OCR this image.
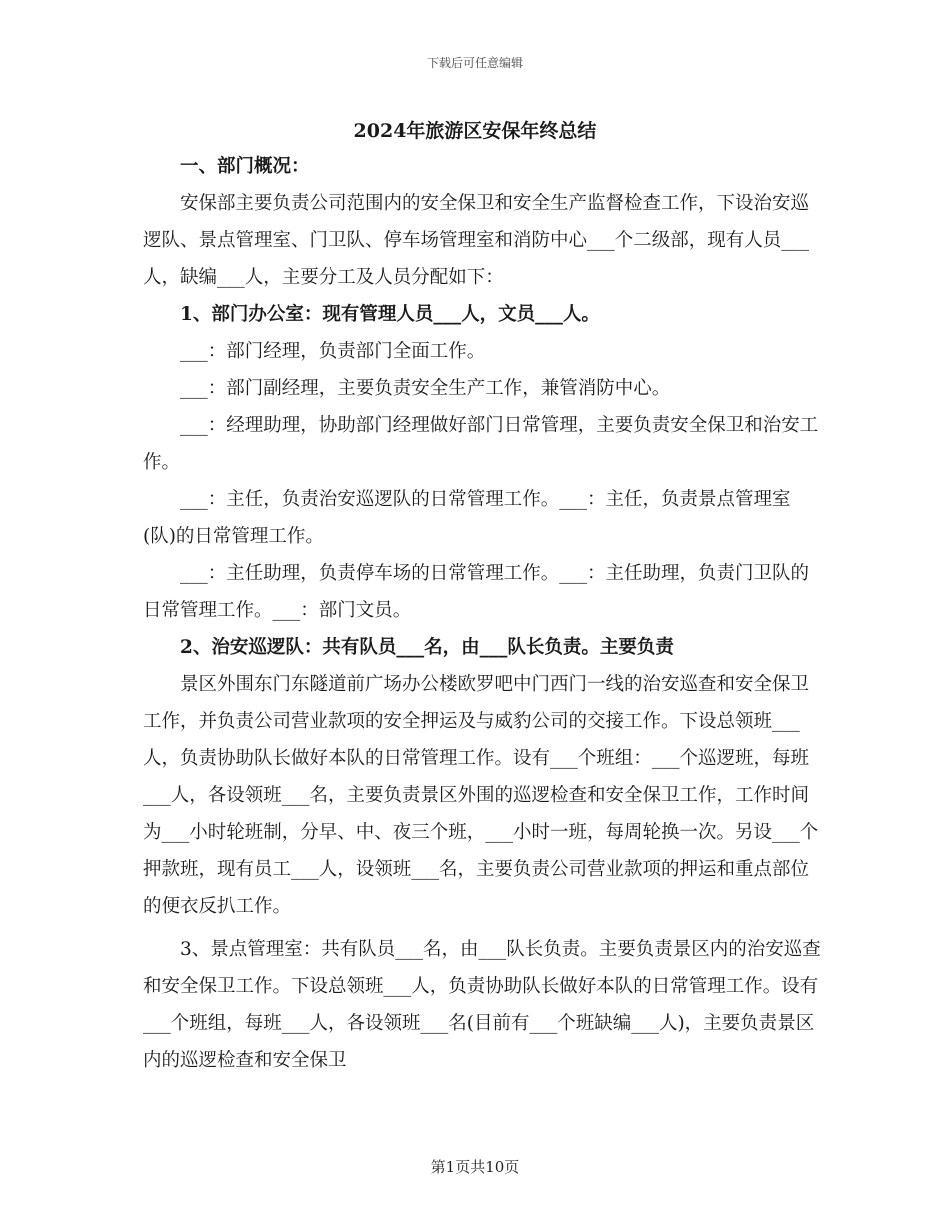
下载后可任意编辑
2024年旅游区安保年终总结

一、部门概况：

安保部主要负责公司范围内的安全保卫和安全生产监督检查工作，下设治安巡逻队、景点管理室、门卫队、停车场管理室和消防中心___个二级部，现有人员___人，缺编___人，主要分工及人员分配如下：

1、部门办公室：现有管理人员___人，文员___人。

___：部门经理，负责部门全面工作。

___：部门副经理，主要负责安全生产工作，兼管消防中心。

___：经理助理，协助部门经理做好部门日常管理，主要负责安全保卫和治安工作。

___：主任，负责治安巡逻队的日常管理工作。___：主任，负责景点管理室(队)的日常管理工作。

___：主任助理，负责停车场的日常管理工作。___：主任助理，负责门卫队的日常管理工作。___：部门文员。

2、治安巡逻队：共有队员___名，由___队长负责。主要负责

景区外围东门东隧道前广场办公楼欧罗吧中门西门一线的治安巡查和安全保卫工作，并负责公司营业款项的安全押运及与威豹公司的交接工作。下设总领班___人，负责协助队长做好本队的日常管理工作。设有___个班组：___个巡逻班，每班___人，各设领班___名，主要负责景区外围的巡逻检查和安全保卫工作，工作时间为___小时轮班制，分早、中、夜三个班，___小时一班，每周轮换一次。另设___个押款班，现有员工___人，设领班___名，主要负责公司营业款项的押运和重点部位的便衣反扒工作。

3、景点管理室：共有队员___名，由___队长负责。主要负责景区内的治安巡查和安全保卫工作。下设总领班___人，负责协助队长做好本队的日常管理工作。设有___个班组，每班___人，各设领班___名(目前有___个班缺编___人)，主要负责景区内的巡逻检查和安全保卫

第1页共10页
